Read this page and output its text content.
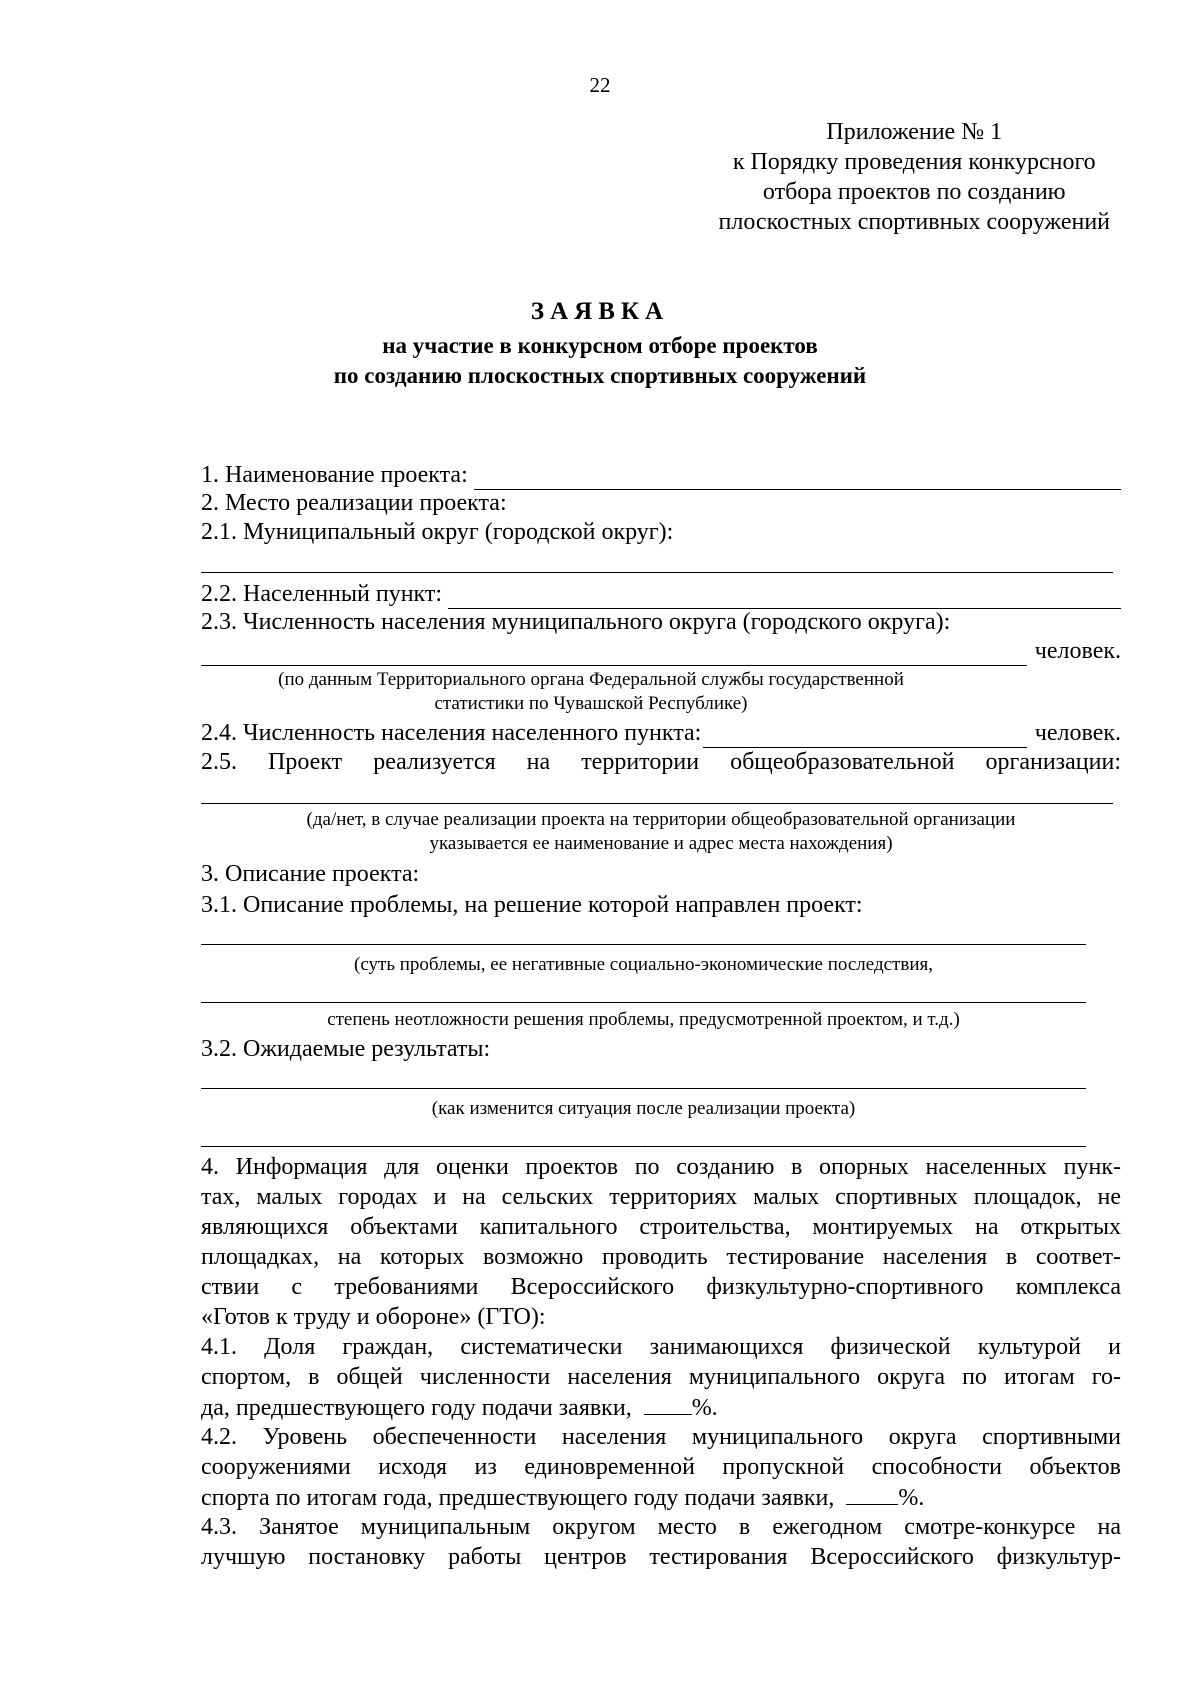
22
Приложение № 1
к Порядку проведения конкурсного
отбора проектов по созданию
плоскостных спортивных сооружений
ЗАЯВКА
на участие в конкурсном отборе проектов
по созданию плоскостных спортивных сооружений
1. Наименование проекта:
2. Место реализации проекта:
2.1. Муниципальный округ (городской округ):
2.2. Населенный пункт:
2.3. Численность населения муниципального округа (городского округа):
человек.
(по данным Территориального органа Федеральной службы государственной
статистики по Чувашской Республике)
2.4. Численность населения населенного пункта:	человек.
2.5. Проект реализуется на территории общеобразовательной организации:
(да/нет, в случае реализации проекта на территории общеобразовательной организации
указывается ее наименование и адрес места нахождения)
3. Описание проекта:
3.1. Описание проблемы, на решение которой направлен проект:
(суть проблемы, ее негативные социально-экономические последствия,
степень неотложности решения проблемы, предусмотренной проектом, и т.д.)
3.2. Ожидаемые результаты:
(как изменится ситуация после реализации проекта)
4. Информация для оценки проектов по созданию в опорных населенных пунк-
тах, малых городах и на сельских территориях малых спортивных площадок, не
являющихся объектами капитального строительства, монтируемых на открытых
площадках, на которых возможно проводить тестирование населения в соответ-
ствии с требованиями Всероссийского физкультурно-спортивного комплекса
«Готов к труду и обороне» (ГТО):
4.1. Доля граждан, систематически занимающихся физической культурой и
спортом, в общей численности населения муниципального округа по итогам го-
да, предшествующего году подачи заявки,	%.
4.2. Уровень обеспеченности населения муниципального округа спортивными
сооружениями исходя из единовременной пропускной способности объектов
спорта по итогам года, предшествующего году подачи заявки,	%.
4.3. Занятое муниципальным округом место в ежегодном смотре-конкурсе на
лучшую постановку работы центров тестирования Всероссийского физкультур-
